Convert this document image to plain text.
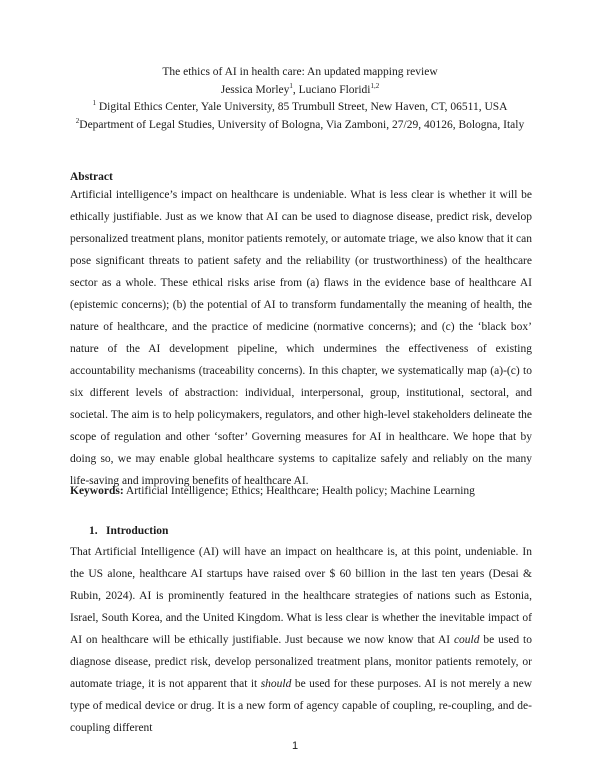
The ethics of AI in health care: An updated mapping review

Jessica Morley$^1$, Luciano Floridi$^{1,2}$

$^1$ Digital Ethics Center, Yale University, 85 Trumbull Street, New Haven, CT, 06511, USA

$^2$Department of Legal Studies, University of Bologna, Via Zamboni, 27/29, 40126, Bologna, Italy

Abstract

Artificial intelligence’s impact on healthcare is undeniable. What is less clear is whether it will be ethically justifiable. Just as we know that AI can be used to diagnose disease, predict risk, develop personalized treatment plans, monitor patients remotely, or automate triage, we also know that it can pose significant threats to patient safety and the reliability (or trustworthiness) of the healthcare sector as a whole. These ethical risks arise from (a) flaws in the evidence base of healthcare AI (epistemic concerns); (b) the potential of AI to transform fundamentally the meaning of health, the nature of healthcare, and the practice of medicine (normative concerns); and (c) the ‘black box’ nature of the AI development pipeline, which undermines the effectiveness of existing accountability mechanisms (traceability concerns). In this chapter, we systematically map (a)-(c) to six different levels of abstraction: individual, interpersonal, group, institutional, sectoral, and societal. The aim is to help policymakers, regulators, and other high-level stakeholders delineate the scope of regulation and other ‘softer’ Governing measures for AI in healthcare. We hope that by doing so, we may enable global healthcare systems to capitalize safely and reliably on the many life-saving and improving benefits of healthcare AI.

Keywords: Artificial Intelligence; Ethics; Healthcare; Health policy; Machine Learning

1. Introduction

That Artificial Intelligence (AI) will have an impact on healthcare is, at this point, undeniable. In the US alone, healthcare AI startups have raised over $ 60 billion in the last ten years (Desai & Rubin, 2024). AI is prominently featured in the healthcare strategies of nations such as Estonia, Israel, South Korea, and the United Kingdom. What is less clear is whether the inevitable impact of AI on healthcare will be ethically justifiable. Just because we now know that AI could be used to diagnose disease, predict risk, develop personalized treatment plans, monitor patients remotely, or automate triage, it is not apparent that it should be used for these purposes. AI is not merely a new type of medical device or drug. It is a new form of agency capable of coupling, re-coupling, and de-coupling different

1
